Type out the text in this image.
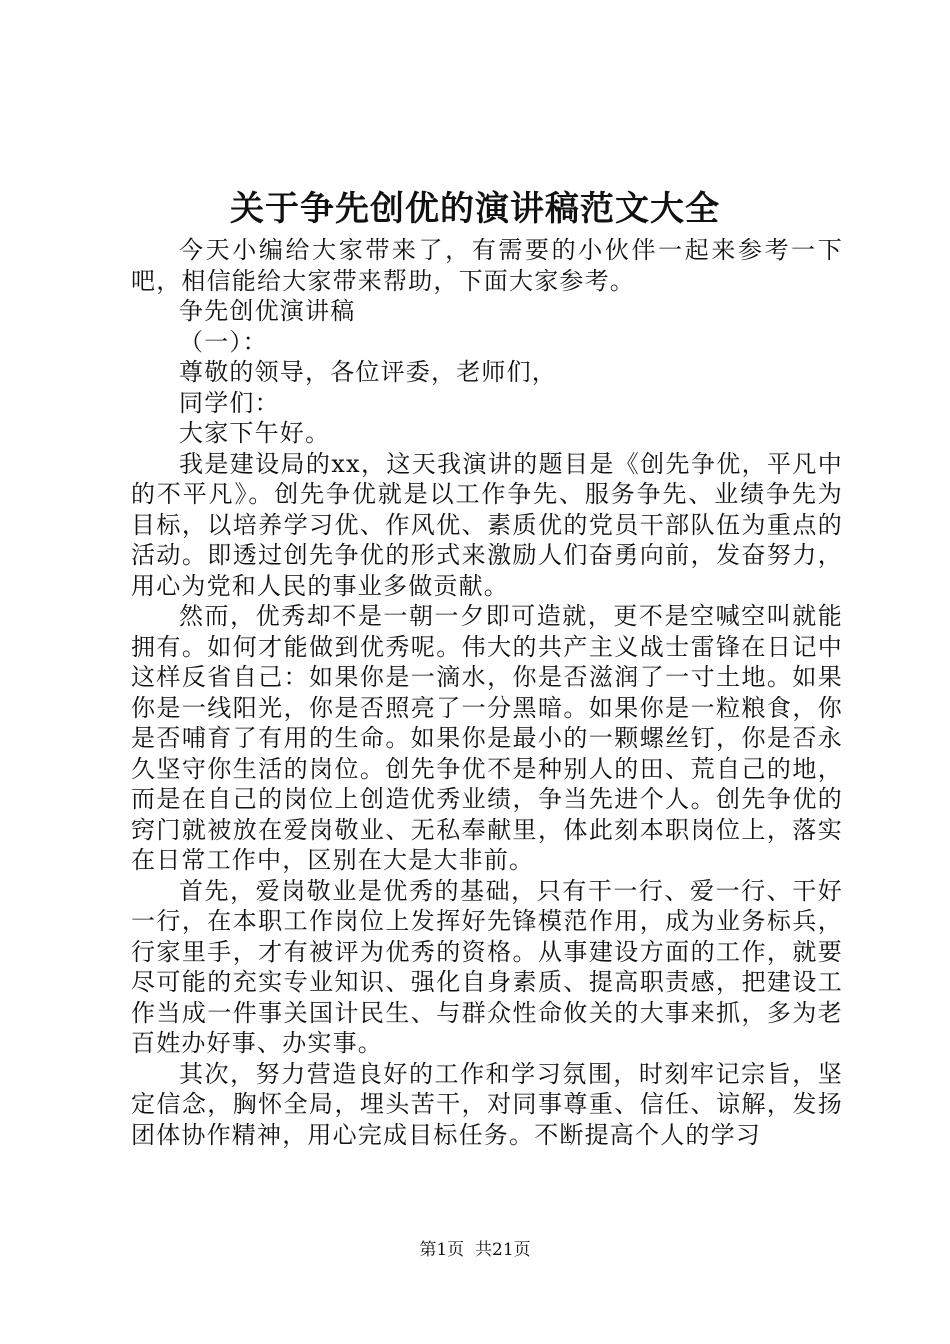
关于争先创优的演讲稿范文大全

今天小编给大家带来了，有需要的小伙伴一起来参考一下吧，相信能给大家带来帮助，下面大家参考。

争先创优演讲稿

（一）：

尊敬的领导，各位评委，老师们，

同学们：

大家下午好。

我是建设局的xx，这天我演讲的题目是《创先争优，平凡中的不平凡》。创先争优就是以工作争先、服务争先、业绩争先为目标，以培养学习优、作风优、素质优的党员干部队伍为重点的活动。即透过创先争优的形式来激励人们奋勇向前，发奋努力，用心为党和人民的事业多做贡献。

然而，优秀却不是一朝一夕即可造就，更不是空喊空叫就能拥有。如何才能做到优秀呢。伟大的共产主义战士雷锋在日记中这样反省自己：如果你是一滴水，你是否滋润了一寸土地。如果你是一线阳光，你是否照亮了一分黑暗。如果你是一粒粮食，你是否哺育了有用的生命。如果你是最小的一颗螺丝钉，你是否永久坚守你生活的岗位。创先争优不是种别人的田、荒自己的地，而是在自己的岗位上创造优秀业绩，争当先进个人。创先争优的窍门就被放在爱岗敬业、无私奉献里，体此刻本职岗位上，落实在日常工作中，区别在大是大非前。

首先，爱岗敬业是优秀的基础，只有干一行、爱一行、干好一行，在本职工作岗位上发挥好先锋模范作用，成为业务标兵，行家里手，才有被评为优秀的资格。从事建设方面的工作，就要尽可能的充实专业知识、强化自身素质、提高职责感，把建设工作当成一件事关国计民生、与群众性命攸关的大事来抓，多为老百姓办好事、办实事。

其次，努力营造良好的工作和学习氛围，时刻牢记宗旨，坚定信念，胸怀全局，埋头苦干，对同事尊重、信任、谅解，发扬团体协作精神，用心完成目标任务。不断提高个人的学习

第1页 共21页
